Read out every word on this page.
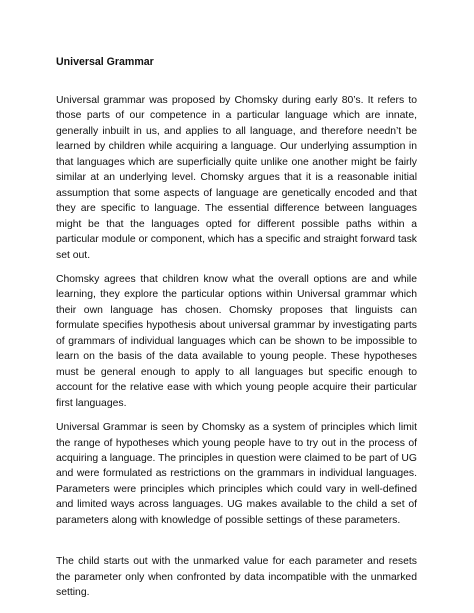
Universal Grammar

Universal grammar was proposed by Chomsky during early 80’s. It refers to those parts of our competence in a particular language which are innate, generally inbuilt in us, and applies to all language, and therefore needn’t be learned by children while acquiring a language. Our underlying assumption in that languages which are superficially quite unlike one another might be fairly similar at an underlying level. Chomsky argues that it is a reasonable initial assumption that some aspects of language are genetically encoded and that they are specific to language. The essential difference between languages might be that the languages opted for different possible paths within a particular module or component, which has a specific and straight forward task set out.

Chomsky agrees that children know what the overall options are and while learning, they explore the particular options within Universal grammar which their own language has chosen. Chomsky proposes that linguists can formulate specifies hypothesis about universal grammar by investigating parts of grammars of individual languages which can be shown to be impossible to learn on the basis of the data available to young people. These hypotheses must be general enough to apply to all languages but specific enough to account for the relative ease with which young people acquire their particular first languages.

Universal Grammar is seen by Chomsky as a system of principles which limit the range of hypotheses which young people have to try out in the process of acquiring a language. The principles in question were claimed to be part of UG and were formulated as restrictions on the grammars in individual languages. Parameters were principles which principles which could vary in well-defined and limited ways across languages. UG makes available to the child a set of parameters along with knowledge of possible settings of these parameters.

The child starts out with the unmarked value for each parameter and resets the parameter only when confronted by data incompatible with the unmarked setting.
